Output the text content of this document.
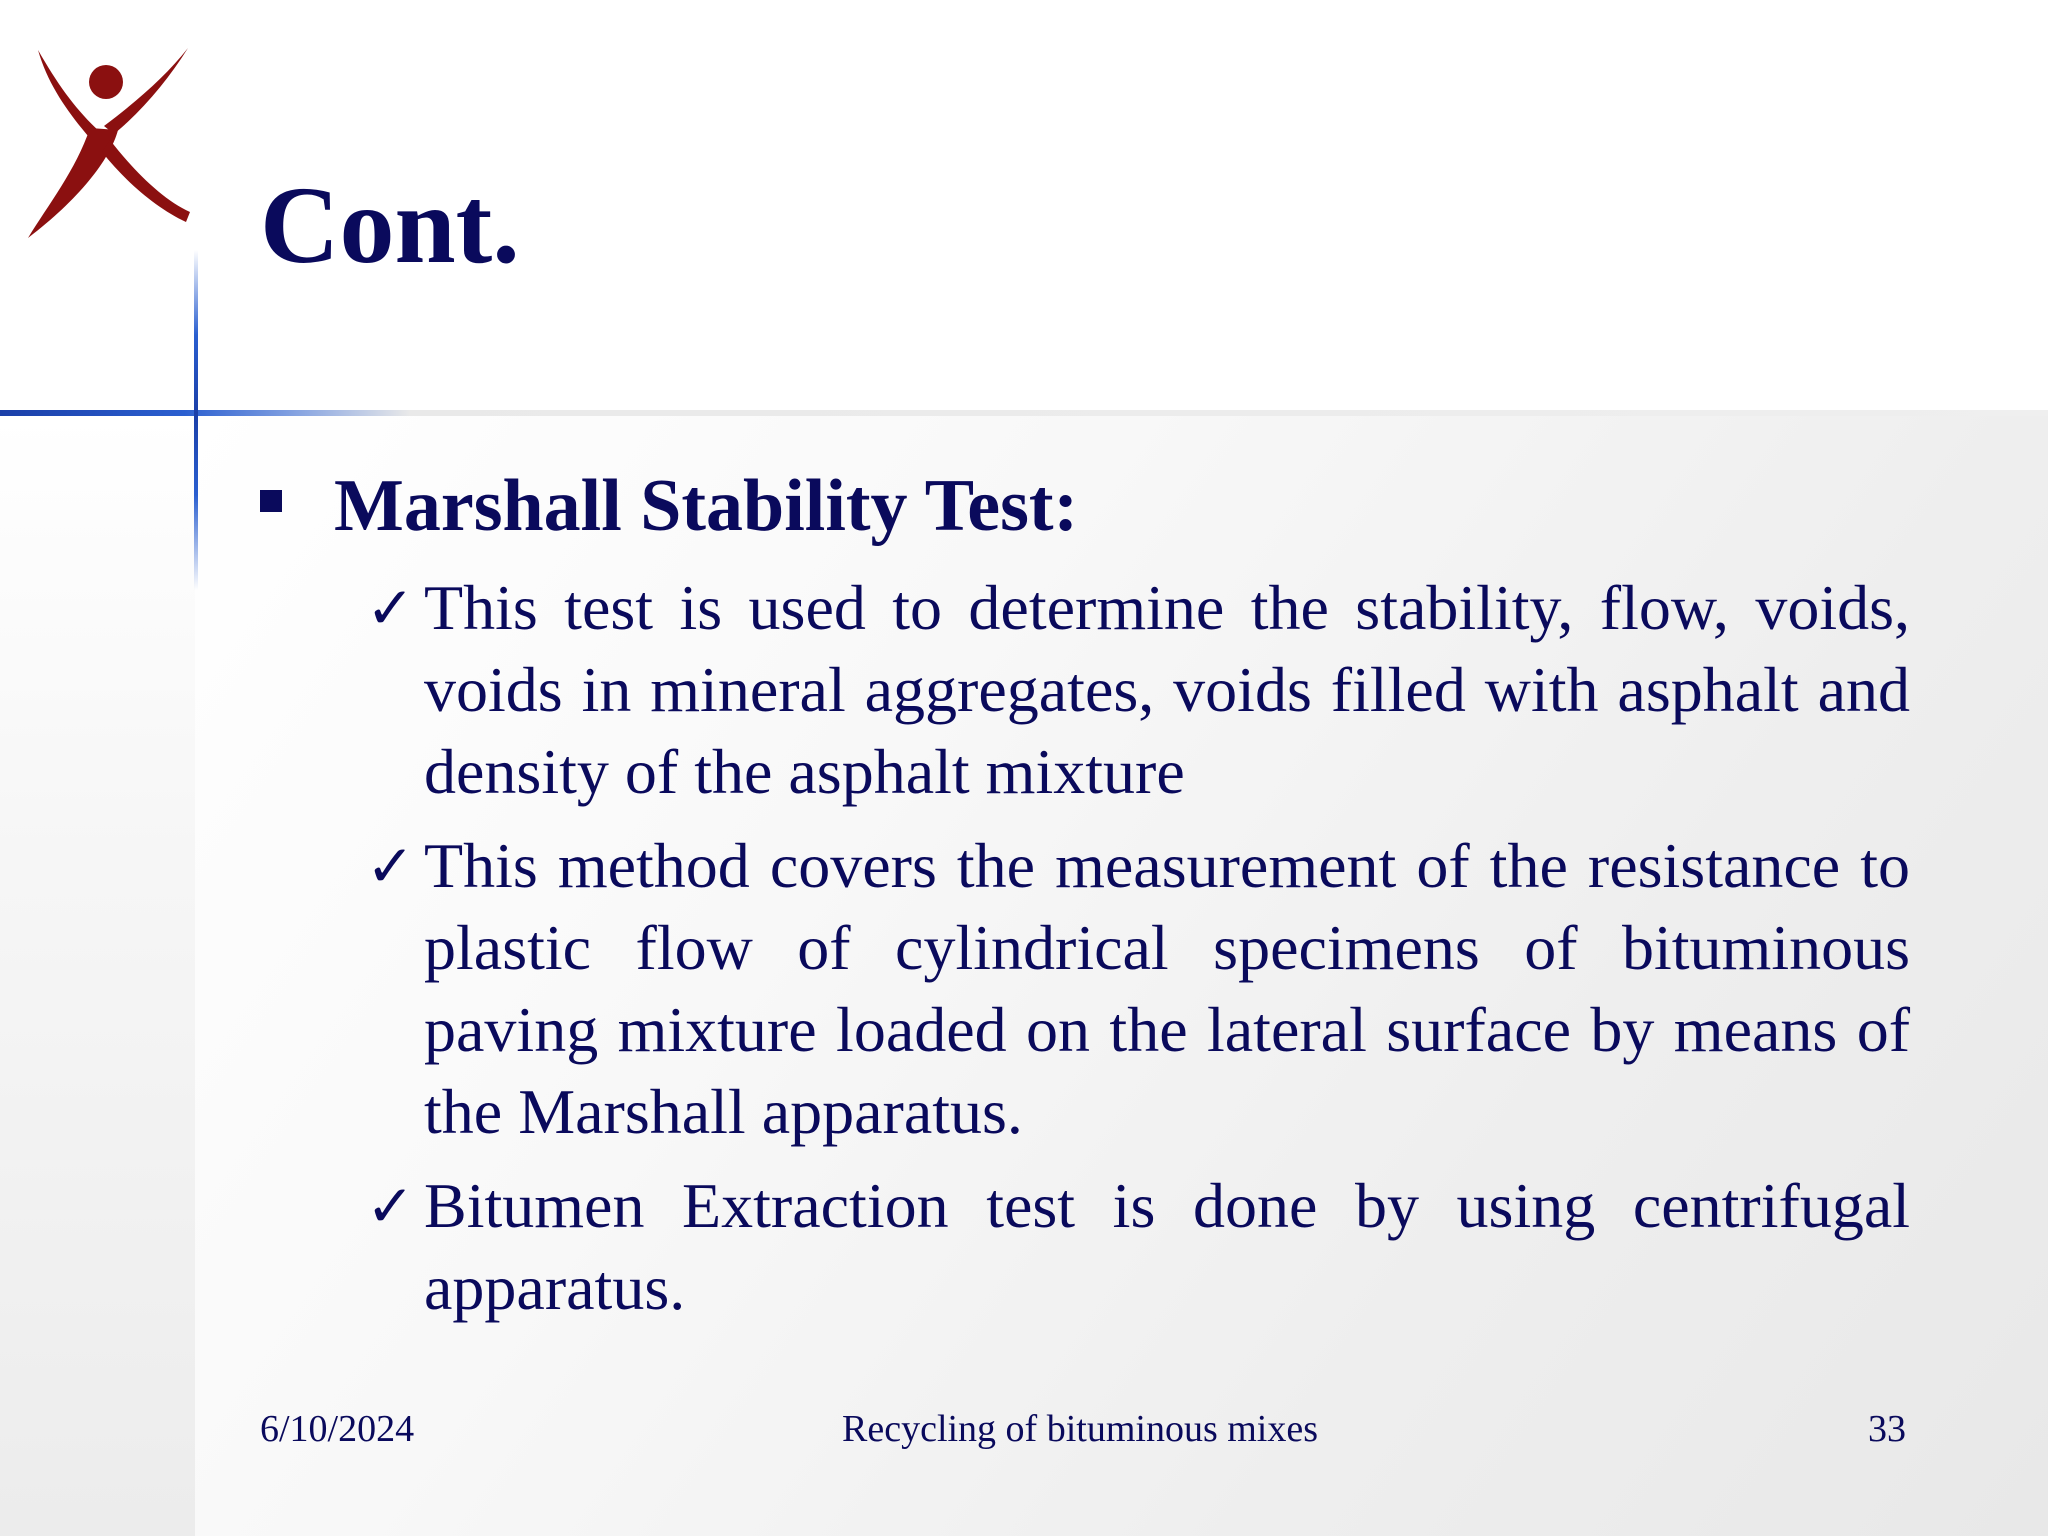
Cont.
Marshall Stability Test:
✓ This test is used to determine the stability, flow, voids, voids in mineral aggregates, voids filled with asphalt and density of the asphalt mixture
✓ This method covers the measurement of the resistance to plastic flow of cylindrical specimens of bituminous paving mixture loaded on the lateral surface by means of the Marshall apparatus.
✓ Bitumen Extraction test is done by using centrifugal apparatus.
6/10/2024	Recycling of bituminous mixes	33
